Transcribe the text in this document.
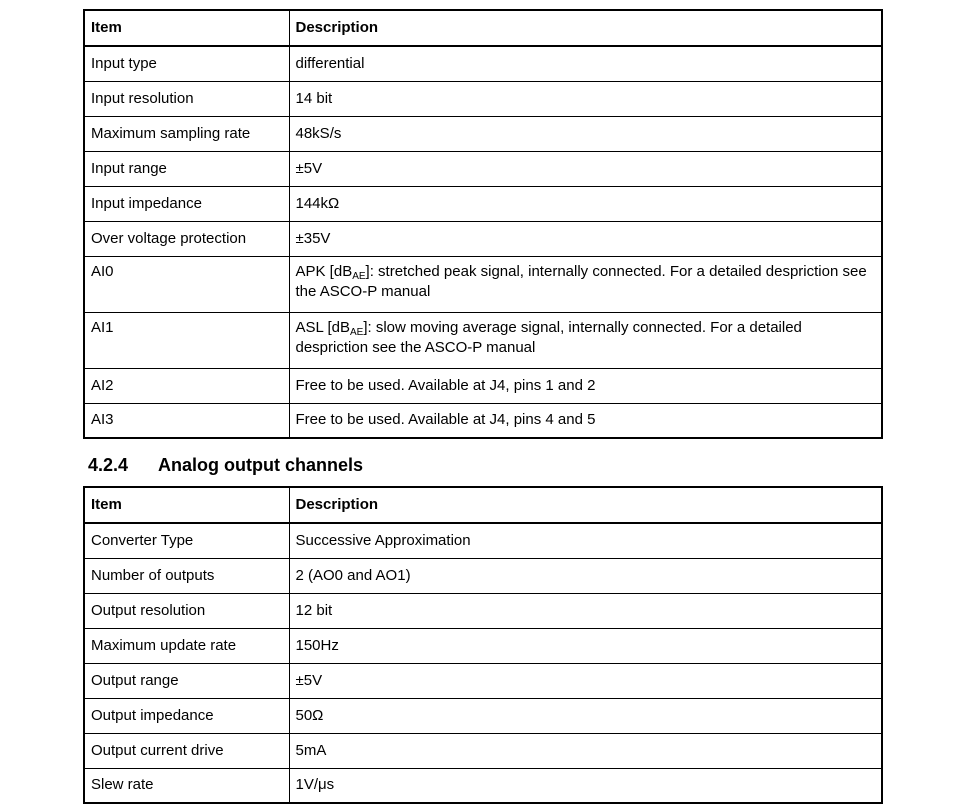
Item	Description
Input type	differential
Input resolution	14 bit
Maximum sampling rate	48kS/s
Input range	±5V
Input impedance	144kΩ
Over voltage protection	±35V
AI0	APK $[dB_{AE}]$: stretched peak signal, internally connected. For a detailed despriction see the ASCO-P manual
AI1	ASL $[dB_{AE}]$: slow moving average signal, internally connected. For a detailed despriction see the ASCO-P manual
AI2	Free to be used. Available at J4, pins 1 and 2
AI3	Free to be used. Available at J4, pins 4 and 5
4.2.4 Analog output channels
Item	Description
Converter Type	Successive Approximation
Number of outputs	2 (AO0 and AO1)
Output resolution	12 bit
Maximum update rate	150Hz
Output range	±5V
Output impedance	50Ω
Output current drive	5mA
Slew rate	1V/μs
